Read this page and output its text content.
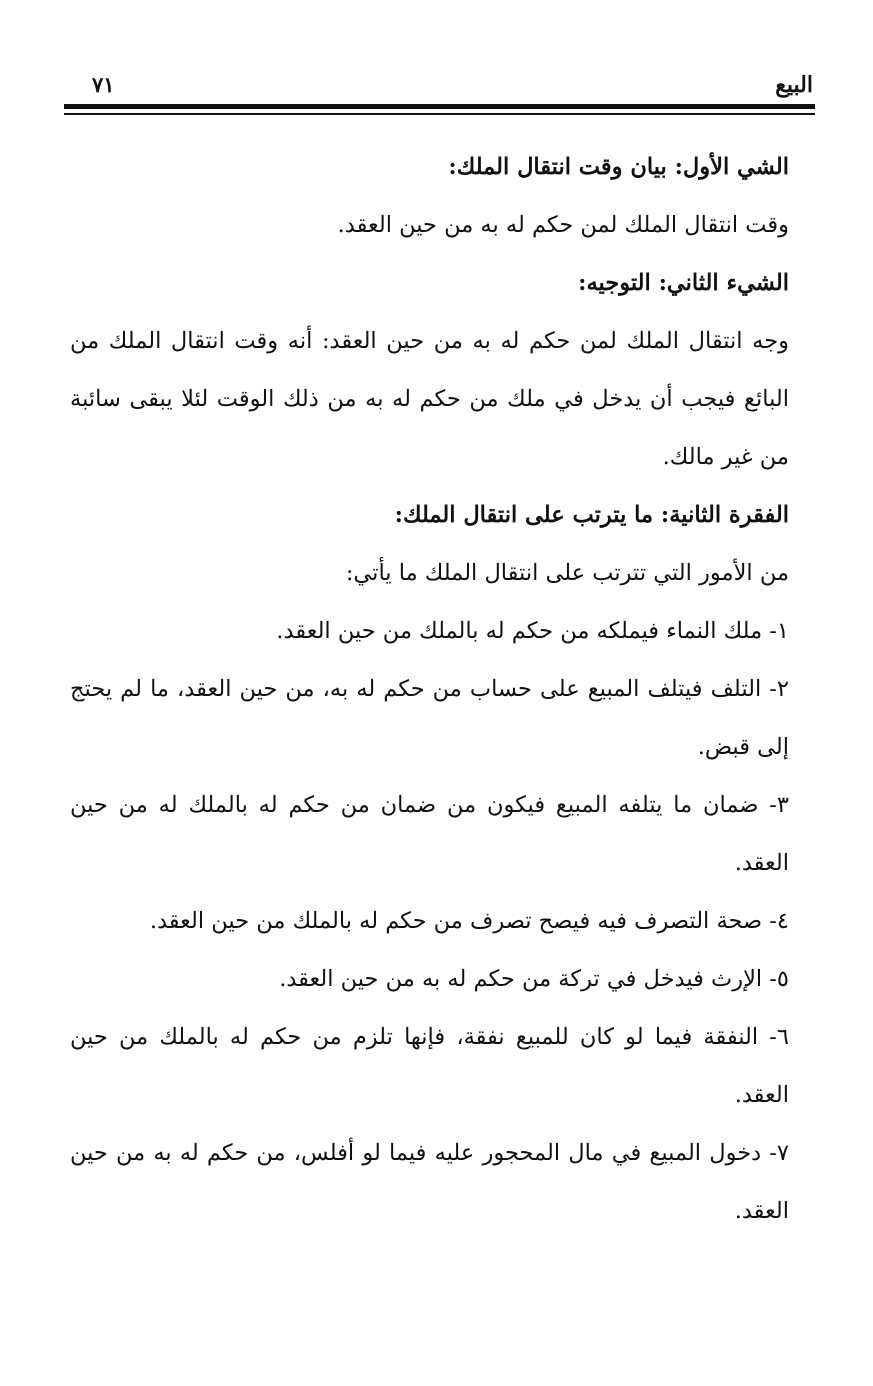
البيع
٧١

الشي الأول: بيان وقت انتقال الملك:

وقت انتقال الملك لمن حكم له به من حين العقد.

الشيء الثاني: التوجيه:

وجه انتقال الملك لمن حكم له به من حين العقد: أنه وقت انتقال الملك من البائع فيجب أن يدخل في ملك من حكم له به من ذلك الوقت لئلا يبقى سائبة من غير مالك.

الفقرة الثانية: ما يترتب على انتقال الملك:

من الأمور التي تترتب على انتقال الملك ما يأتي:

١- ملك النماء فيملكه من حكم له بالملك من حين العقد.

٢- التلف فيتلف المبيع على حساب من حكم له به، من حين العقد، ما لم يحتج إلى قبض.

٣- ضمان ما يتلفه المبيع فيكون من ضمان من حكم له بالملك له من حين العقد.

٤- صحة التصرف فيه فيصح تصرف من حكم له بالملك من حين العقد.

٥- الإرث فيدخل في تركة من حكم له به من حين العقد.

٦- النفقة فيما لو كان للمبيع نفقة، فإنها تلزم من حكم له بالملك من حين العقد.

٧- دخول المبيع في مال المحجور عليه فيما لو أفلس، من حكم له به من حين العقد.
